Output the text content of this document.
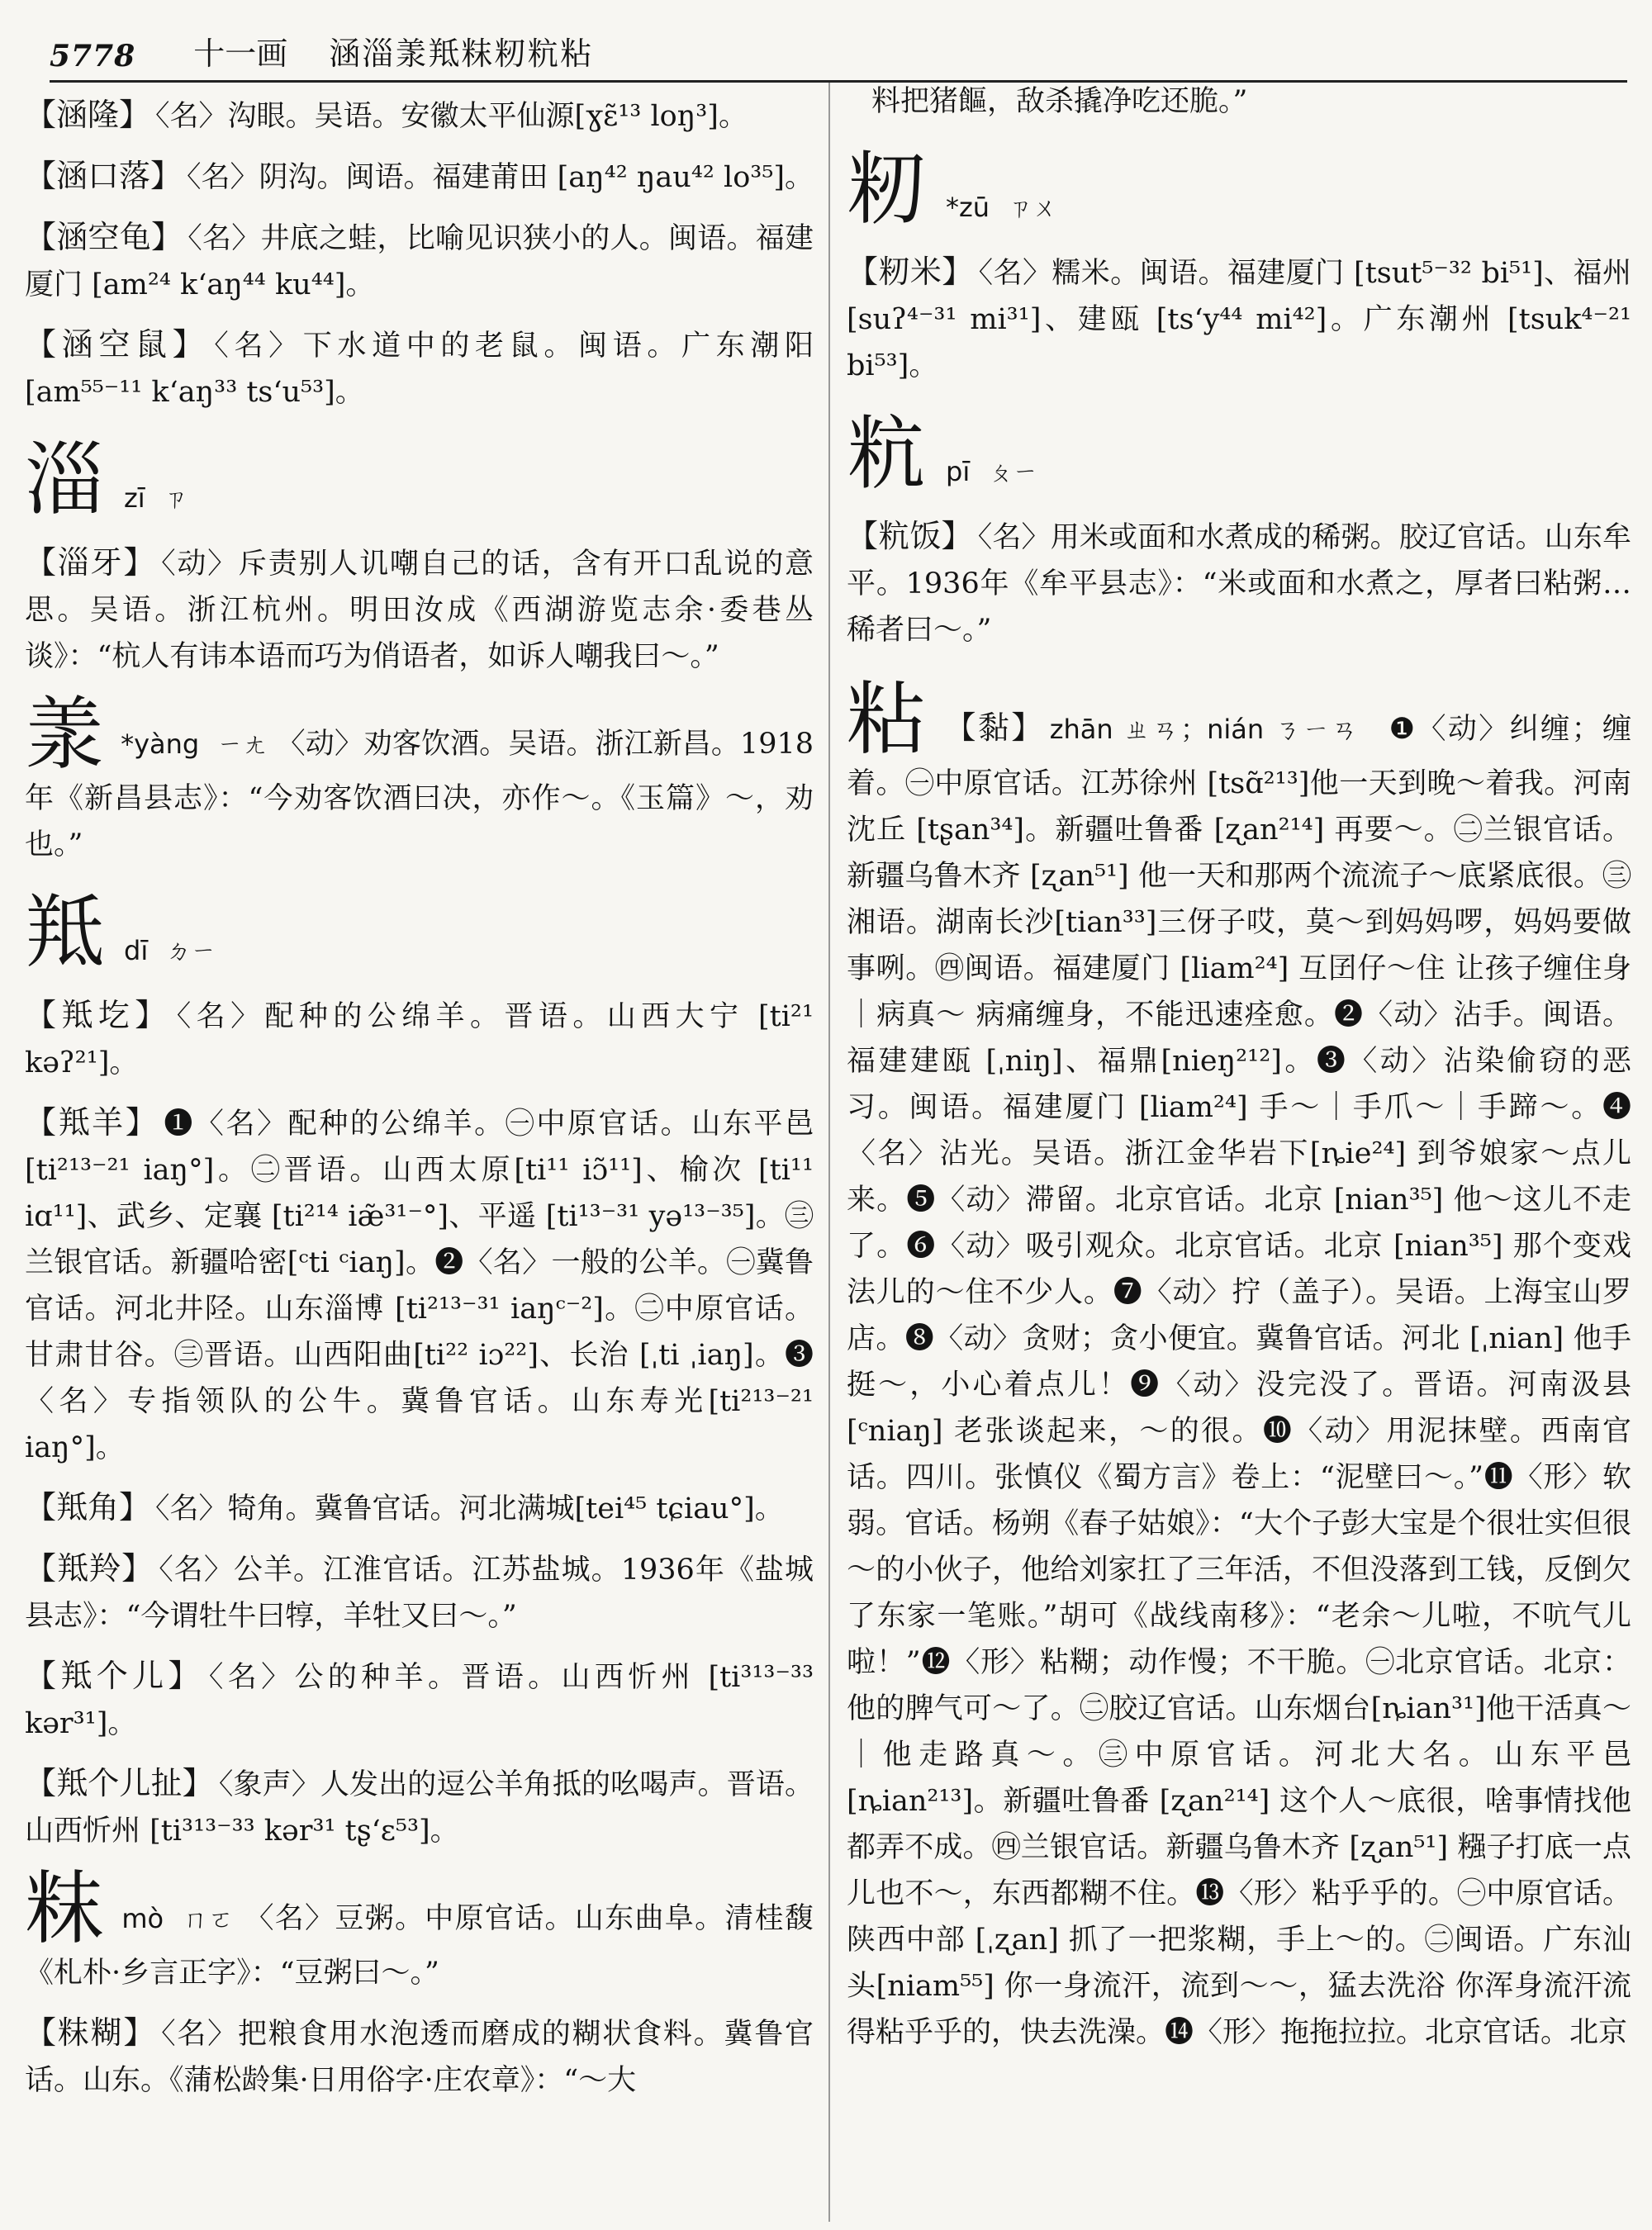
5778 十一画 涵淄羕羝粖籾粇粘
【涵隆】 〈名〉沟眼。吴语。安徽太平仙源[ɣɛ̃¹³ loŋ³]。
【涵口落】 〈名〉阴沟。闽语。福建莆田 [aŋ⁴² ŋau⁴² lo³⁵]。
【涵空龟】 〈名〉井底之蛙，比喻见识狭小的人。闽语。福建厦门 [am²⁴ k‘aŋ⁴⁴ ku⁴⁴]。
【涵空鼠】 〈名〉下水道中的老鼠。闽语。广东潮阳 [am⁵⁵⁻¹¹ k‘aŋ³³ ts‘u⁵³]。
淄 zī ㄗ
【淄牙】 〈动〉斥责别人讥嘲自己的话，含有开口乱说的意思。吴语。浙江杭州。明田汝成《西湖游览志余·委巷丛谈》：“杭人有讳本语而巧为俏语者，如诉人嘲我曰～。”
羕 *yàng ㄧㄤ 〈动〉劝客饮酒。吴语。浙江新昌。1918年《新昌县志》：“今劝客饮酒曰决，亦作～。《玉篇》～，劝也。”
羝 dī ㄉㄧ
【羝圪】 〈名〉配种的公绵羊。晋语。山西大宁 [ti²¹ kəʔ²¹]。
【羝羊】 ❶〈名〉配种的公绵羊。㊀中原官话。山东平邑 [ti²¹³⁻²¹ iaŋ°]。㊁晋语。山西太原[ti¹¹ iɔ̃¹¹]、榆次 [ti¹¹ iɑ¹¹]、武乡、定襄 [ti²¹⁴ iæ̃³¹⁻°]、平遥 [ti¹³⁻³¹ yə¹³⁻³⁵]。㊂兰银官话。新疆哈密[ᶜti ᶜiaŋ]。❷〈名〉一般的公羊。㊀冀鲁官话。河北井陉。山东淄博 [ti²¹³⁻³¹ iaŋᶜ⁻²]。㊁中原官话。甘肃甘谷。㊂晋语。山西阳曲[ti²² iɔ²²]、长治 [ˌti ˌiaŋ]。❸〈名〉专指领队的公牛。冀鲁官话。山东寿光[ti²¹³⁻²¹ iaŋ°]。
【羝角】 〈名〉犄角。冀鲁官话。河北满城[tei⁴⁵ tɕiau°]。
【羝羚】 〈名〉公羊。江淮官话。江苏盐城。1936年《盐城县志》：“今谓牡牛曰犉，羊牡又曰～。”
【羝个儿】 〈名〉公的种羊。晋语。山西忻州 [ti³¹³⁻³³ kər³¹]。
【羝个儿扯】 〈象声〉人发出的逗公羊角抵的吆喝声。晋语。山西忻州 [ti³¹³⁻³³ kər³¹ tʂ‘ɛ⁵³]。
粖mò ㄇㄛ 〈名〉豆粥。中原官话。山东曲阜。清桂馥《札朴·乡言正字》：“豆粥曰～。”
【粖糊】 〈名〉把粮食用水泡透而磨成的糊状食料。冀鲁官话。山东。《蒲松龄集·日用俗字·庄农章》：“～大
料把猪饇，敌杀撬净吃还脆。”
籾 *zū ㄗㄨ
【籾米】 〈名〉糯米。闽语。福建厦门 [tsut⁵⁻³² bi⁵¹]、福州 [suʔ⁴⁻³¹ mi³¹]、建瓯 [ts‘y⁴⁴ mi⁴²]。广东潮州 [tsuk⁴⁻²¹ bi⁵³]。
粇 pī ㄆㄧ
【粇饭】 〈名〉用米或面和水煮成的稀粥。胶辽官话。山东牟平。1936年《牟平县志》：“米或面和水煮之，厚者曰粘粥…稀者曰～。”
粘 【黏】 zhān ㄓㄢ；nián ㄋㄧㄢ ❶〈动〉纠缠；缠着。㊀中原官话。江苏徐州 [tsɑ̃²¹³]他一天到晚～着我。河南沈丘 [tʂan³⁴]。新疆吐鲁番 [ʐan²¹⁴] 再要～。㊁兰银官话。新疆乌鲁木齐 [ʐan⁵¹] 他一天和那两个流流子～底紧底很。㊂湘语。湖南长沙[tian³³]三伢子哎，莫～到妈妈啰，妈妈要做事咧。㊃闽语。福建厦门 [liam²⁴] 互囝仔～住 让孩子缠住身｜病真～ 病痛缠身，不能迅速痊愈。❷〈动〉沾手。闽语。福建建瓯 [ˌniŋ]、福鼎[nieŋ²¹²]。❸〈动〉沾染偷窃的恶习。闽语。福建厦门 [liam²⁴] 手～｜手爪～｜手蹄～。❹〈名〉沾光。吴语。浙江金华岩下[ȵie²⁴] 到爷娘家～点儿来。❺〈动〉滞留。北京官话。北京 [nian³⁵] 他～这儿不走了。❻〈动〉吸引观众。北京官话。北京 [nian³⁵] 那个变戏法儿的～住不少人。❼〈动〉拧（盖子）。吴语。上海宝山罗店。❽〈动〉贪财；贪小便宜。冀鲁官话。河北 [ˌnian] 他手挺～，小心着点儿！❾〈动〉没完没了。晋语。河南汲县[ᶜniaŋ] 老张谈起来，～的很。❿〈动〉用泥抹壁。西南官话。四川。张慎仪《蜀方言》卷上：“泥壁曰～。”⓫〈形〉软弱。官话。杨朔《春子姑娘》：“大个子彭大宝是个很壮实但很～的小伙子，他给刘家扛了三年活，不但没落到工钱，反倒欠了东家一笔账。”胡可《战线南移》：“老余～儿啦，不吭气儿啦！”⓬〈形〉粘糊；动作慢；不干脆。㊀北京官话。北京：他的脾气可～了。㊁胶辽官话。山东烟台[ȵian³¹]他干活真～｜他走路真～。㊂中原官话。河北大名。山东平邑 [ȵian²¹³]。新疆吐鲁番 [ʐan²¹⁴] 这个人～底很，啥事情找他都弄不成。㊃兰银官话。新疆乌鲁木齐 [ʐan⁵¹] 糨子打底一点儿也不～，东西都糊不住。⓭〈形〉粘乎乎的。㊀中原官话。陕西中部 [ˌʐan] 抓了一把浆糊，手上～的。㊁闽语。广东汕头[niam⁵⁵] 你一身流汗，流到～～，猛去洗浴 你浑身流汗流得粘乎乎的，快去洗澡。⓮〈形〉拖拖拉拉。北京官话。北京
